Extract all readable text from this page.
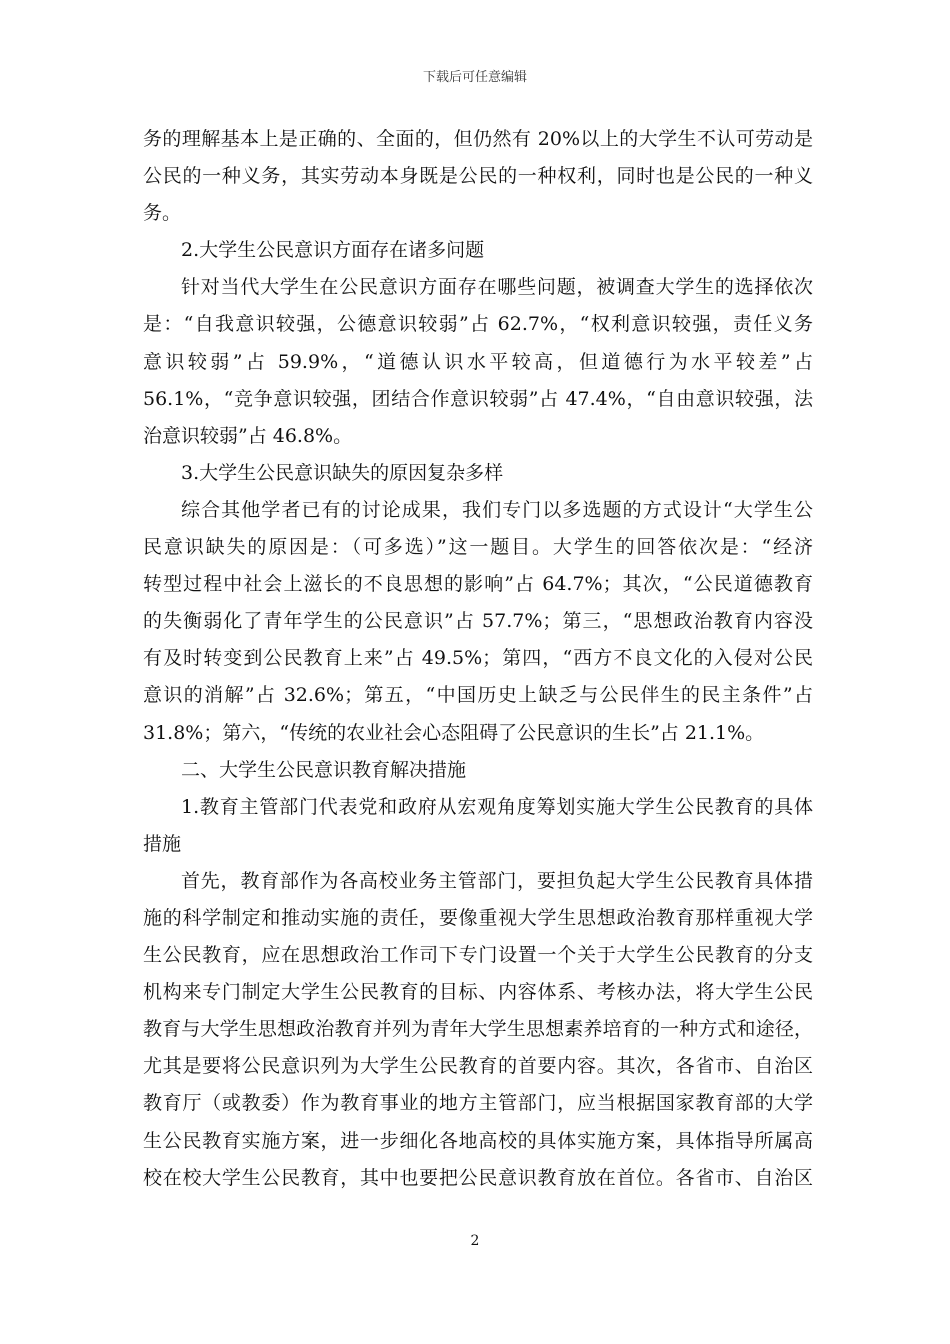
下载后可任意编辑
务的理解基本上是正确的、全面的，但仍然有 20%以上的大学生不认可劳动是
公民的一种义务，其实劳动本身既是公民的一种权利，同时也是公民的一种义
务。
2.大学生公民意识方面存在诸多问题
针对当代大学生在公民意识方面存在哪些问题，被调查大学生的选择依次
是：“自我意识较强，公德意识较弱”占 62.7%，“权利意识较强，责任义务
意识较弱”占 59.9%，“道德认识水平较高，但道德行为水平较差”占
56.1%，“竞争意识较强，团结合作意识较弱”占 47.4%，“自由意识较强，法
治意识较弱”占 46.8%。
3.大学生公民意识缺失的原因复杂多样
综合其他学者已有的讨论成果，我们专门以多选题的方式设计“大学生公
民意识缺失的原因是：（可多选）”这一题目。大学生的回答依次是：“经济
转型过程中社会上滋长的不良思想的影响”占 64.7%；其次，“公民道德教育
的失衡弱化了青年学生的公民意识”占 57.7%；第三，“思想政治教育内容没
有及时转变到公民教育上来”占 49.5%；第四，“西方不良文化的入侵对公民
意识的消解”占 32.6%；第五，“中国历史上缺乏与公民伴生的民主条件”占
31.8%；第六，“传统的农业社会心态阻碍了公民意识的生长”占 21.1%。
二、大学生公民意识教育解决措施
1.教育主管部门代表党和政府从宏观角度筹划实施大学生公民教育的具体
措施
首先，教育部作为各高校业务主管部门，要担负起大学生公民教育具体措
施的科学制定和推动实施的责任，要像重视大学生思想政治教育那样重视大学
生公民教育，应在思想政治工作司下专门设置一个关于大学生公民教育的分支
机构来专门制定大学生公民教育的目标、内容体系、考核办法，将大学生公民
教育与大学生思想政治教育并列为青年大学生思想素养培育的一种方式和途径，
尤其是要将公民意识列为大学生公民教育的首要内容。其次，各省市、自治区
教育厅（或教委）作为教育事业的地方主管部门，应当根据国家教育部的大学
生公民教育实施方案，进一步细化各地高校的具体实施方案，具体指导所属高
校在校大学生公民教育，其中也要把公民意识教育放在首位。各省市、自治区
2
